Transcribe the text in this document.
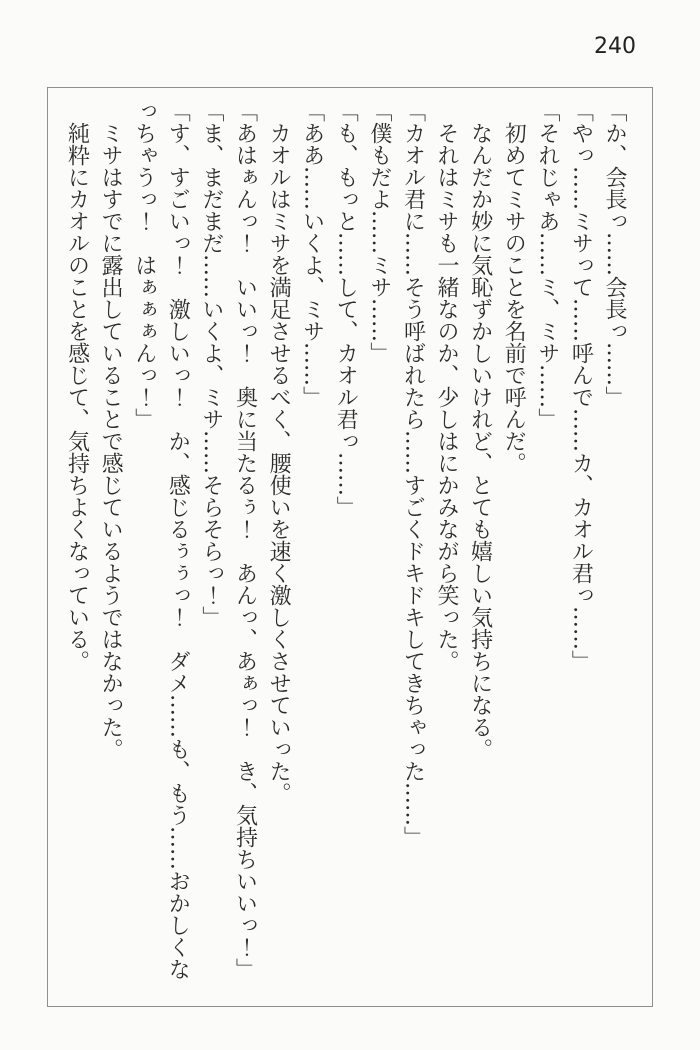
240

「か、会長っ……会長っ……」

「やっ……ミサって……呼んで……カ、カオル君っ……」

「それじゃあ……ミ、ミサ……」

初めてミサのことを名前で呼んだ。

なんだか妙に気恥ずかしいけれど、とても嬉しい気持ちになる。

それはミサも一緒なのか、少しはにかみながら笑った。

「カオル君に……そう呼ばれたら……すごくドキドキしてきちゃった……」

「僕もだよ……ミサ……」

「も、もっと……して、カオル君っ……」

「ああ……いくよ、ミサ……」

カオルはミサを満足させるべく、腰使いを速く激しくさせていった。

「あはぁんっ！　いいっ！　奥に当たるぅ！　あんっ、あぁっ！　き、気持ちいいっ！」

「ま、まだまだ……いくよ、ミサ……そらそらっ！」

「す、すごいっ！　激しいっ！　か、感じるぅぅっ！　ダメ……も、もう……おかしくなっちゃうっ！　はぁぁぁんっ！」

ミサはすでに露出していることで感じているようではなかった。

純粋にカオルのことを感じて、気持ちよくなっている。
